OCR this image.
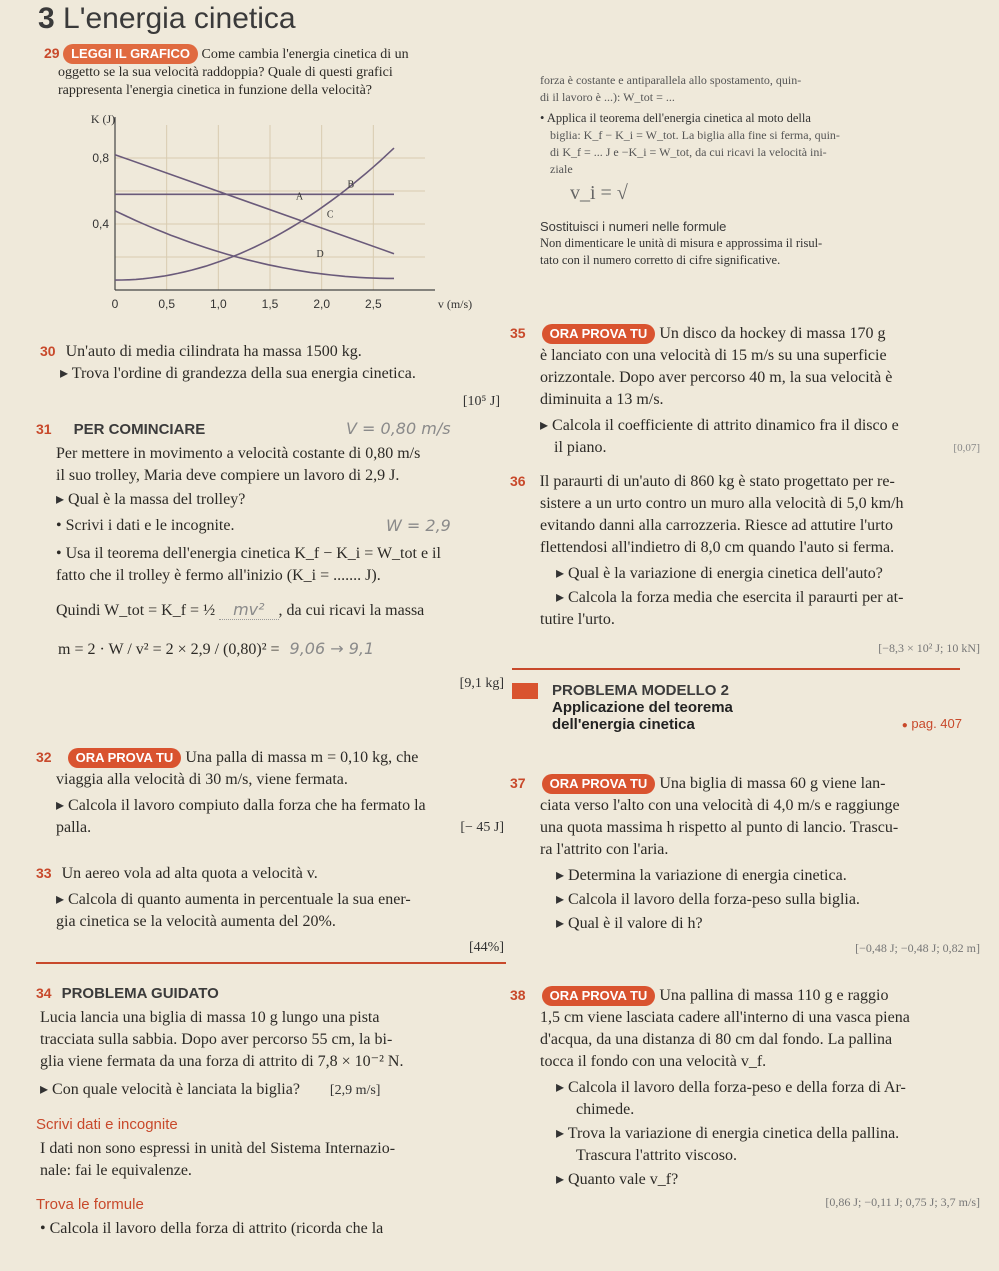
3 L'energia cinetica
29 LEGGI IL GRAFICO Come cambia l'energia cinetica di un
oggetto se la sua velocità raddoppia? Quale di questi grafici
rappresenta l'energia cinetica in funzione della velocità?
0	0,5	1,0	1,5	2,0	2,5
0,8
0,4
v (m/s)
K (J)
A
B
C
D
forza è costante e antiparallela allo spostamento, quin-
di il lavoro è ...): W_tot = ...
• Applica il teorema dell'energia cinetica al moto della
biglia: K_f − K_i = W_tot. La biglia alla fine si ferma, quin-
di K_f = ... J e −K_i = W_tot, da cui ricavi la velocità ini-
ziale
v_i = √
Sostituisci i numeri nelle formule
Non dimenticare le unità di misura e approssima il risul-
tato con il numero corretto di cifre significative.
30 Un'auto di media cilindrata ha massa 1500 kg.
▸ Trova l'ordine di grandezza della sua energia cinetica.
[10⁵ J]
31 PER COMINCIARE	V = 0,80 m/s
Per mettere in movimento a velocità costante di 0,80 m/s
il suo trolley, Maria deve compiere un lavoro di 2,9 J.
▸ Qual è la massa del trolley?
• Scrivi i dati e le incognite.	W = 2,9
• Usa il teorema dell'energia cinetica K_f − K_i = W_tot e il
fatto che il trolley è fermo all'inizio (K_i = ....... J).
Quindi W_tot = K_f = ½ mv² , da cui ricavi la massa
m = 2 · W / v² = 2 × 2,9 / (0,80)² = 9,06 → 9,1
[9,1 kg]
32 ORA PROVA TU Una palla di massa m = 0,10 kg, che
viaggia alla velocità di 30 m/s, viene fermata.
▸ Calcola il lavoro compiuto dalla forza che ha fermato la
palla.	[− 45 J]
33 Un aereo vola ad alta quota a velocità v.
▸ Calcola di quanto aumenta in percentuale la sua ener-
gia cinetica se la velocità aumenta del 20%.
[44%]
34 PROBLEMA GUIDATO
Lucia lancia una biglia di massa 10 g lungo una pista
tracciata sulla sabbia. Dopo aver percorso 55 cm, la bi-
glia viene fermata da una forza di attrito di 7,8 × 10⁻² N.
▸ Con quale velocità è lanciata la biglia? [2,9 m/s]
Scrivi dati e incognite
I dati non sono espressi in unità del Sistema Internazio-
nale: fai le equivalenze.
Trova le formule
• Calcola il lavoro della forza di attrito (ricorda che la
35 ORA PROVA TU Un disco da hockey di massa 170 g
è lanciato con una velocità di 15 m/s su una superficie
orizzontale. Dopo aver percorso 40 m, la sua velocità è
diminuita a 13 m/s.
▸ Calcola il coefficiente di attrito dinamico fra il disco e
il piano.	[0,07]
36 Il paraurti di un'auto di 860 kg è stato progettato per re-
sistere a un urto contro un muro alla velocità di 5,0 km/h
evitando danni alla carrozzeria. Riesce ad attutire l'urto
flettendosi all'indietro di 8,0 cm quando l'auto si ferma.
▸ Qual è la variazione di energia cinetica dell'auto?
▸ Calcola la forza media che esercita il paraurti per at-
tutire l'urto.
[−8,3 × 10² J; 10 kN]
PROBLEMA MODELLO 2
Applicazione del teorema
dell'energia cinetica	● pag. 407
37 ORA PROVA TU Una biglia di massa 60 g viene lan-
ciata verso l'alto con una velocità di 4,0 m/s e raggiunge
una quota massima h rispetto al punto di lancio. Trascu-
ra l'attrito con l'aria.
▸ Determina la variazione di energia cinetica.
▸ Calcola il lavoro della forza-peso sulla biglia.
▸ Qual è il valore di h?
[−0,48 J; −0,48 J; 0,82 m]
38 ORA PROVA TU Una pallina di massa 110 g e raggio
1,5 cm viene lasciata cadere all'interno di una vasca piena
d'acqua, da una distanza di 80 cm dal fondo. La pallina
tocca il fondo con una velocità v_f.
▸ Calcola il lavoro della forza-peso e della forza di Ar-
chimede.
▸ Trova la variazione di energia cinetica della pallina.
Trascura l'attrito viscoso.
▸ Quanto vale v_f?
[0,86 J; −0,11 J; 0,75 J; 3,7 m/s]
